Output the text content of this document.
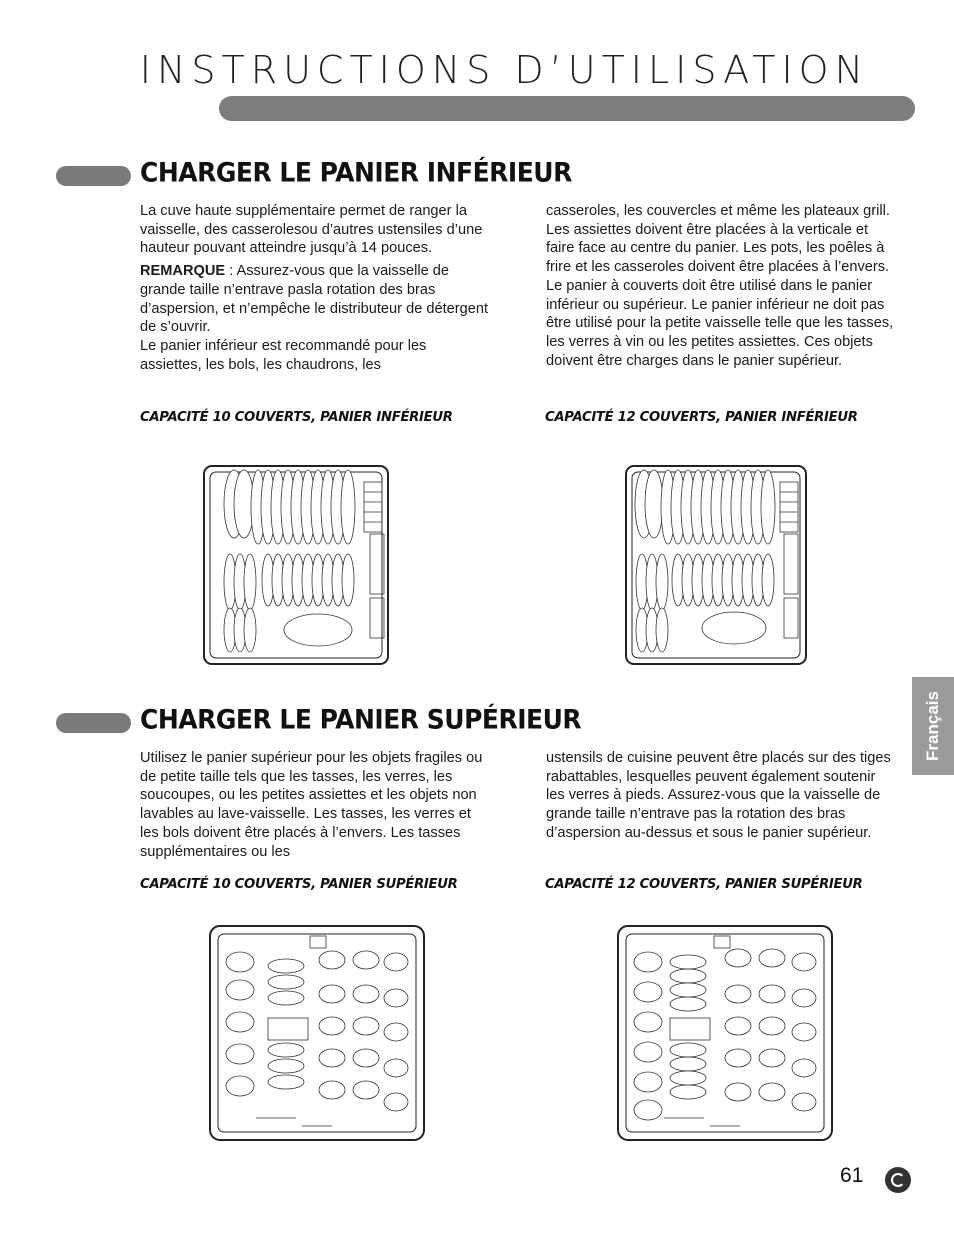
INSTRUCTIONS D’UTILISATION
CHARGER LE PANIER INFÉRIEUR

La cuve haute supplémentaire permet de ranger la vaisselle, des casserolesou d’autres ustensiles d’une hauteur pouvant atteindre jusqu’à 14 pouces.

REMARQUE : Assurez-vous que la vaisselle de grande taille n’entrave pasla rotation des bras d’aspersion, et n’empêche le distributeur de détergent de s’ouvrir.

Le panier inférieur est recommandé pour les assiettes, les bols, les chaudrons, les

casseroles, les couvercles et même les plateaux grill. Les assiettes doivent être placées à la verticale et faire face au centre du panier. Les pots, les poêles à frire et les casseroles doivent être placées à l’envers. Le panier à couverts doit être utilisé dans le panier inférieur ou supérieur. Le panier inférieur ne doit pas être utilisé pour la petite vaisselle telle que les tasses, les verres à vin ou les petites assiettes. Ces objets doivent être charges dans le panier supérieur.

CAPACITÉ 10 COUVERTS, PANIER INFÉRIEUR	CAPACITÉ 12 COUVERTS, PANIER INFÉRIEUR
CHARGER LE PANIER SUPÉRIEUR

Utilisez le panier supérieur pour les objets fragiles ou de petite taille tels que les tasses, les verres, les soucoupes, ou les petites assiettes et les objets non lavables au lave-vaisselle. Les tasses, les verres et les bols doivent être placés à l’envers. Les tasses supplémentaires ou les

ustensils de cuisine peuvent être placés sur des tiges rabattables, lesquelles peuvent également soutenir les verres à pieds. Assurez-vous que la vaisselle de grande taille n’entrave pas la rotation des bras d’aspersion au-dessus et sous le panier supérieur.

CAPACITÉ 10 COUVERTS, PANIER SUPÉRIEUR	CAPACITÉ 12 COUVERTS, PANIER SUPÉRIEUR
Français
61
